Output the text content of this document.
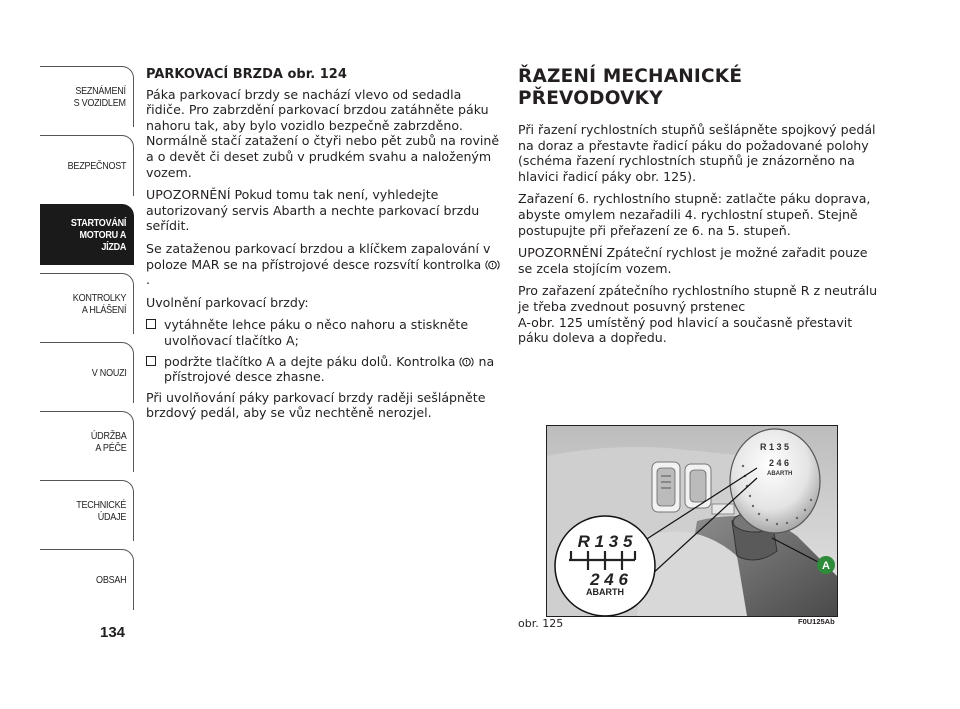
SEZNÁMENÍ
S VOZIDLEM
BEZPEČNOST
STARTOVÁNÍ
MOTORU A JÍZDA
KONTROLKY
A HLÁŠENÍ
V NOUZI
ÚDRŽBA
A PÉČE
TECHNICKÉ
ÚDAJE
OBSAH
134

PARKOVACÍ BRZDA obr. 124

Páka parkovací brzdy se nachází vlevo od sedadla řidiče. Pro zabrzdění parkovací brzdou zatáhněte páku nahoru tak, aby bylo vozidlo bezpečně zabrzděno. Normálně stačí zatažení o čtyři nebo pět zubů na rovině a o devět či deset zubů v prudkém svahu a naloženým vozem.

UPOZORNĚNÍ Pokud tomu tak není, vyhledejte autorizovaný servis Abarth a nechte parkovací brzdu seřídit.

Se zataženou parkovací brzdou a klíčkem zapalování v poloze MAR se na přístrojové desce rozsvítí kontrolka !
.

Uvolnění parkovací brzdy:

vytáhněte lehce páku o něco nahoru a stiskněte uvolňovací tlačítko A;

podržte tlačítko A a dejte páku dolů. Kontrolka ! na přístrojové desce zhasne.

Při uvolňování páky parkovací brzdy raději sešlápněte brzdový pedál, aby se vůz nechtěně nerozjel.

ŘAZENÍ MECHANICKÉ PŘEVODOVKY

Při řazení rychlostních stupňů sešlápněte spojkový pedál na doraz a přestavte řadicí páku do požadované polohy (schéma řazení rychlostních stupňů je znázorněno na hlavici řadicí páky obr. 125).

Zařazení 6. rychlostního stupně: zatlačte páku doprava, abyste omylem nezařadili 4. rychlostní stupeň. Stejně postupujte při přeřazení ze 6. na 5. stupeň.

UPOZORNĚNÍ Zpáteční rychlost je možné zařadit pouze se zcela stojícím vozem.

Pro zařazení zpátečního rychlostního stupně R z neutrálu je třeba zvednout posuvný prstenec

A-obr. 125 umístěný pod hlavicí a současně přestavit páku doleva a dopředu.

R 1 3 5
2 4 6
ABARTH
R 1 3 5
2 4 6
ABARTH
A
obr. 125	F0U125Ab
